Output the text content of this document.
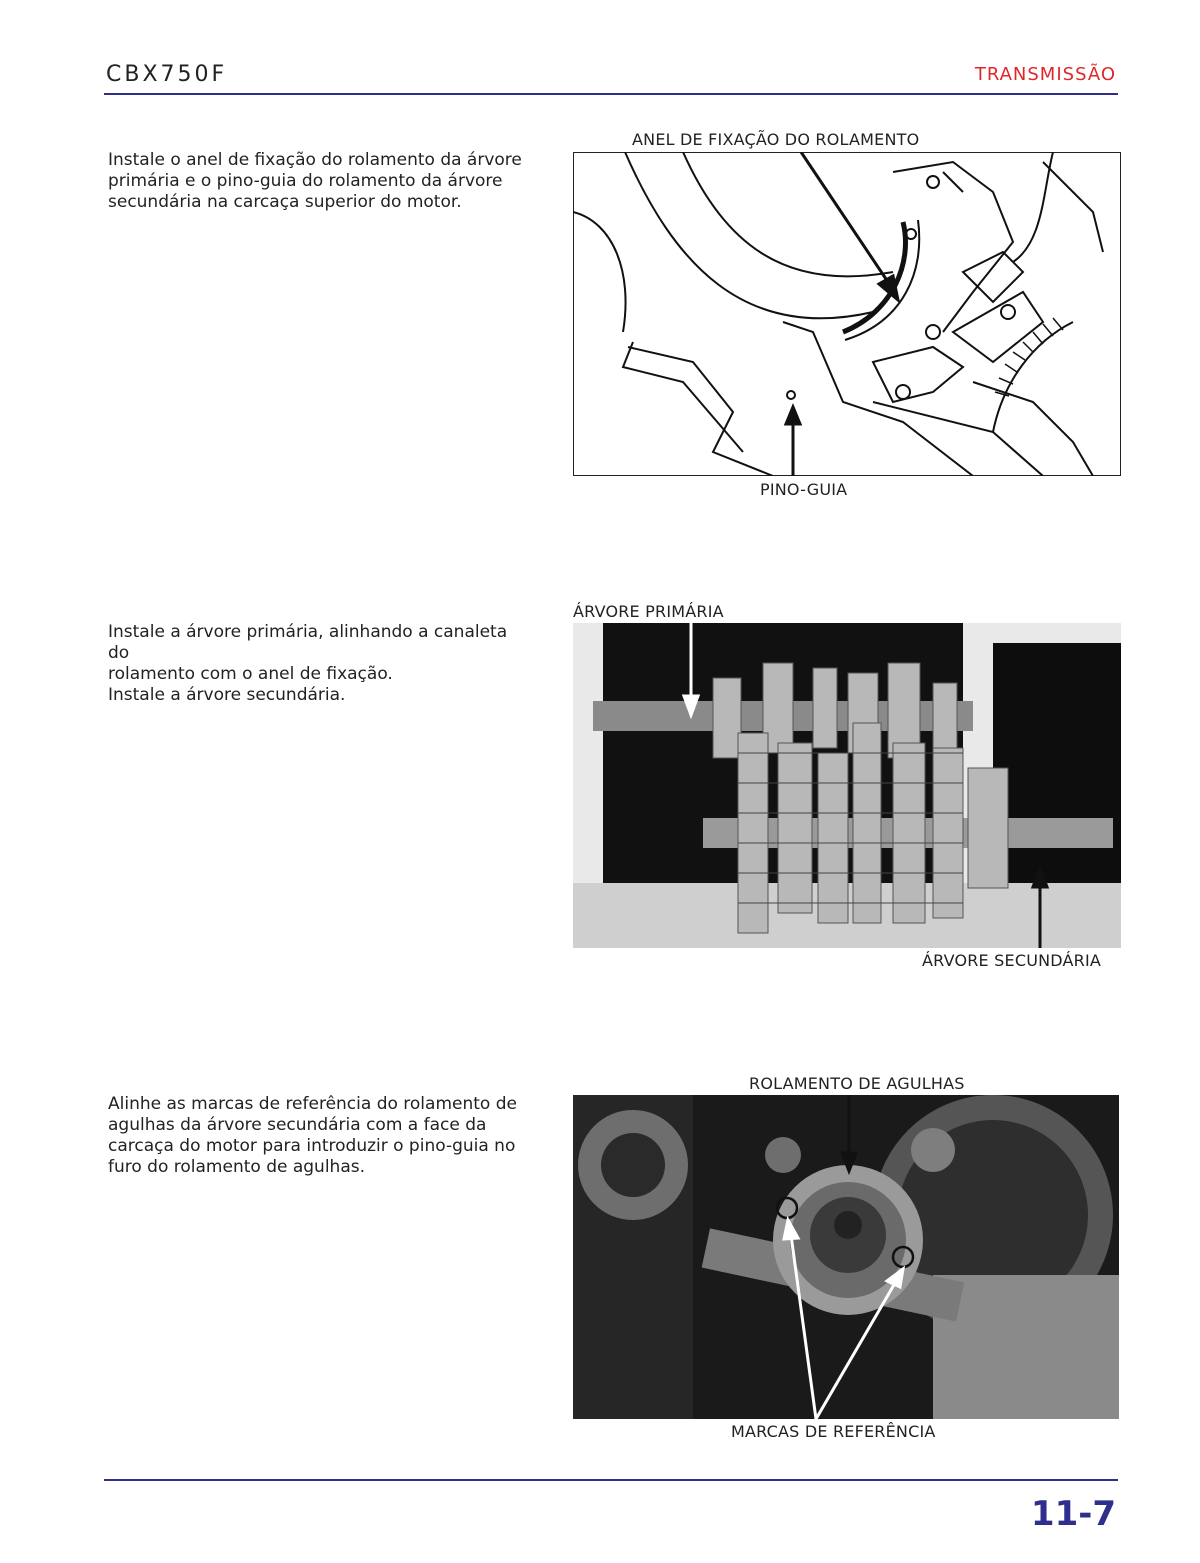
CBX750F	TRANSMISSÃO
Instale o anel de fixação do rolamento da árvore
primária e o pino-guia do rolamento da árvore
secundária na carcaça superior do motor.
ANEL DE FIXAÇÃO DO ROLAMENTO
PINO-GUIA
Instale a árvore primária, alinhando a canaleta do
rolamento com o anel de fixação.
Instale a árvore secundária.
ÁRVORE PRIMÁRIA
ÁRVORE SECUNDÁRIA
Alinhe as marcas de referência do rolamento de
agulhas da árvore secundária com a face da
carcaça do motor para introduzir o pino-guia no
furo do rolamento de agulhas.
ROLAMENTO DE AGULHAS
MARCAS DE REFERÊNCIA
11-7
